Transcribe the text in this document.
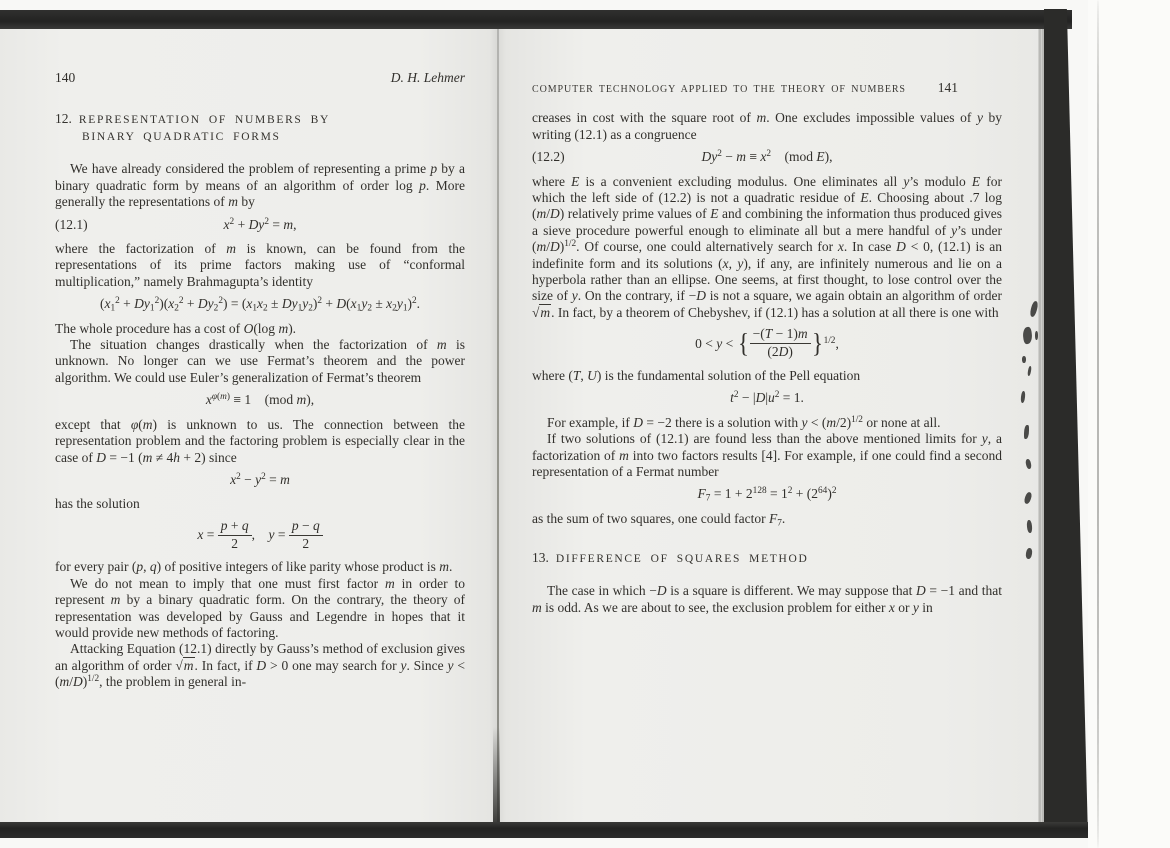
140	D. H. Lehmer
12. REPRESENTATION OF NUMBERS BY
BINARY QUADRATIC FORMS

We have already considered the problem of representing a prime p by a binary quadratic form by means of an algorithm of order log p. More generally the representations of m by

(12.1)	$x^2 + Dy^2 = m$,

where the factorization of m is known, can be found from the representations of its prime factors making use of “conformal multiplication,” namely Brahmagupta’s identity

$(x_1^2 + Dy_1^2)(x_2^2 + Dy_2^2) = (x_1x_2 \pm Dy_1y_2)^2 + D(x_1y_2 \pm x_2y_1)^2$.

The whole procedure has a cost of O(log m).

The situation changes drastically when the factorization of m is unknown. No longer can we use Fermat’s theorem and the power algorithm. We could use Euler’s generalization of Fermat’s theorem

$x^{\varphi(m)} \equiv 1$ (mod m),

except that φ(m) is unknown to us. The connection between the representation problem and the factoring problem is especially clear in the case of D = −1 (m ≠ 4h + 2) since

$x^2 - y^2 = m$

has the solution

$x = \frac{p + q}{2}$ ,  $y = \frac{p - q}{2}$

for every pair (p, q) of positive integers of like parity whose product is m.

We do not mean to imply that one must first factor m in order to represent m by a binary quadratic form. On the contrary, the theory of representation was developed by Gauss and Legendre in hopes that it would provide new methods of factoring.

Attacking Equation (12.1) directly by Gauss’s method of exclusion gives an algorithm of order √m. In fact, if D > 0 one may search for y. Since $y < (m/D)^{1/2}$, the problem in general in-

COMPUTER TECHNOLOGY APPLIED TO THE THEORY OF NUMBERS 141

creases in cost with the square root of m. One excludes impossible values of y by writing (12.1) as a congruence

(12.2)	$Dy^2 - m \equiv x^2$ (mod E),

where E is a convenient excluding modulus. One eliminates all y’s modulo E for which the left side of (12.2) is not a quadratic residue of E. Choosing about .7 log (m/D) relatively prime values of E and combining the information thus produced gives a sieve procedure powerful enough to eliminate all but a mere handful of y’s under $(m/D)^{1/2}$. Of course, one could alternatively search for x. In case D < 0, (12.1) is an indefinite form and its solutions (x, y), if any, are infinitely numerous and lie on a hyperbola rather than an ellipse. One seems, at first thought, to lose control over the size of y. On the contrary, if −D is not a square, we again obtain an algorithm of order √m. In fact, by a theorem of Chebyshev, if (12.1) has a solution at all there is one with

0 < y < { $\frac{-(T - 1)m}{(2D)} \}^{1/2}$,

where (T, U) is the fundamental solution of the Pell equation

$t^2 - |D|u^2 = 1$.

For example, if D = −2 there is a solution with $y < (m/2)^{1/2}$ or none at all.

If two solutions of (12.1) are found less than the above mentioned limits for y, a factorization of m into two factors results [4]. For example, if one could find a second representation of a Fermat number

$F_7 = 1 + 2^{128} = 1^2 + (2^{64})^2$

as the sum of two squares, one could factor $F_7$.

13. DIFFERENCE OF SQUARES METHOD

The case in which −D is a square is different. We may suppose that D = −1 and that m is odd. As we are about to see, the exclusion problem for either x or y in
